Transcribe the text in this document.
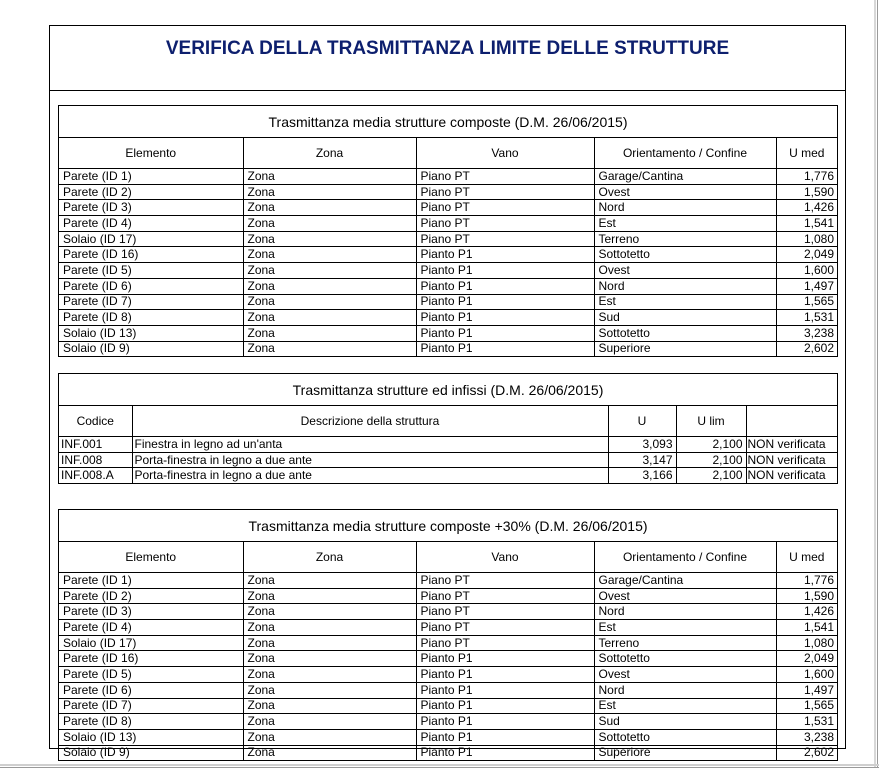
VERIFICA DELLA TRASMITTANZA LIMITE DELLE STRUTTURE
Trasmittanza media strutture composte (D.M. 26/06/2015)
Elemento	Zona	Vano	Orientamento / Confine	U med
Parete (ID 1)	Zona	Piano PT	Garage/Cantina	1,776
Parete (ID 2)	Zona	Piano PT	Ovest	1,590
Parete (ID 3)	Zona	Piano PT	Nord	1,426
Parete (ID 4)	Zona	Piano PT	Est	1,541
Solaio (ID 17)	Zona	Piano PT	Terreno	1,080
Parete (ID 16)	Zona	Pianto P1	Sottotetto	2,049
Parete (ID 5)	Zona	Pianto P1	Ovest	1,600
Parete (ID 6)	Zona	Pianto P1	Nord	1,497
Parete (ID 7)	Zona	Pianto P1	Est	1,565
Parete (ID 8)	Zona	Pianto P1	Sud	1,531
Solaio (ID 13)	Zona	Pianto P1	Sottotetto	3,238
Solaio (ID 9)	Zona	Pianto P1	Superiore	2,602
Trasmittanza strutture ed infissi (D.M. 26/06/2015)
Codice	Descrizione della struttura	U	U lim	
INF.001	Finestra in legno ad un'anta	3,093	2,100	NON verificata
INF.008	Porta-finestra in legno a due ante	3,147	2,100	NON verificata
INF.008.A	Porta-finestra in legno a due ante	3,166	2,100	NON verificata
Trasmittanza media strutture composte +30% (D.M. 26/06/2015)
Elemento	Zona	Vano	Orientamento / Confine	U med
Parete (ID 1)	Zona	Piano PT	Garage/Cantina	1,776
Parete (ID 2)	Zona	Piano PT	Ovest	1,590
Parete (ID 3)	Zona	Piano PT	Nord	1,426
Parete (ID 4)	Zona	Piano PT	Est	1,541
Solaio (ID 17)	Zona	Piano PT	Terreno	1,080
Parete (ID 16)	Zona	Pianto P1	Sottotetto	2,049
Parete (ID 5)	Zona	Pianto P1	Ovest	1,600
Parete (ID 6)	Zona	Pianto P1	Nord	1,497
Parete (ID 7)	Zona	Pianto P1	Est	1,565
Parete (ID 8)	Zona	Pianto P1	Sud	1,531
Solaio (ID 13)	Zona	Pianto P1	Sottotetto	3,238
Solaio (ID 9)	Zona	Pianto P1	Superiore	2,602
